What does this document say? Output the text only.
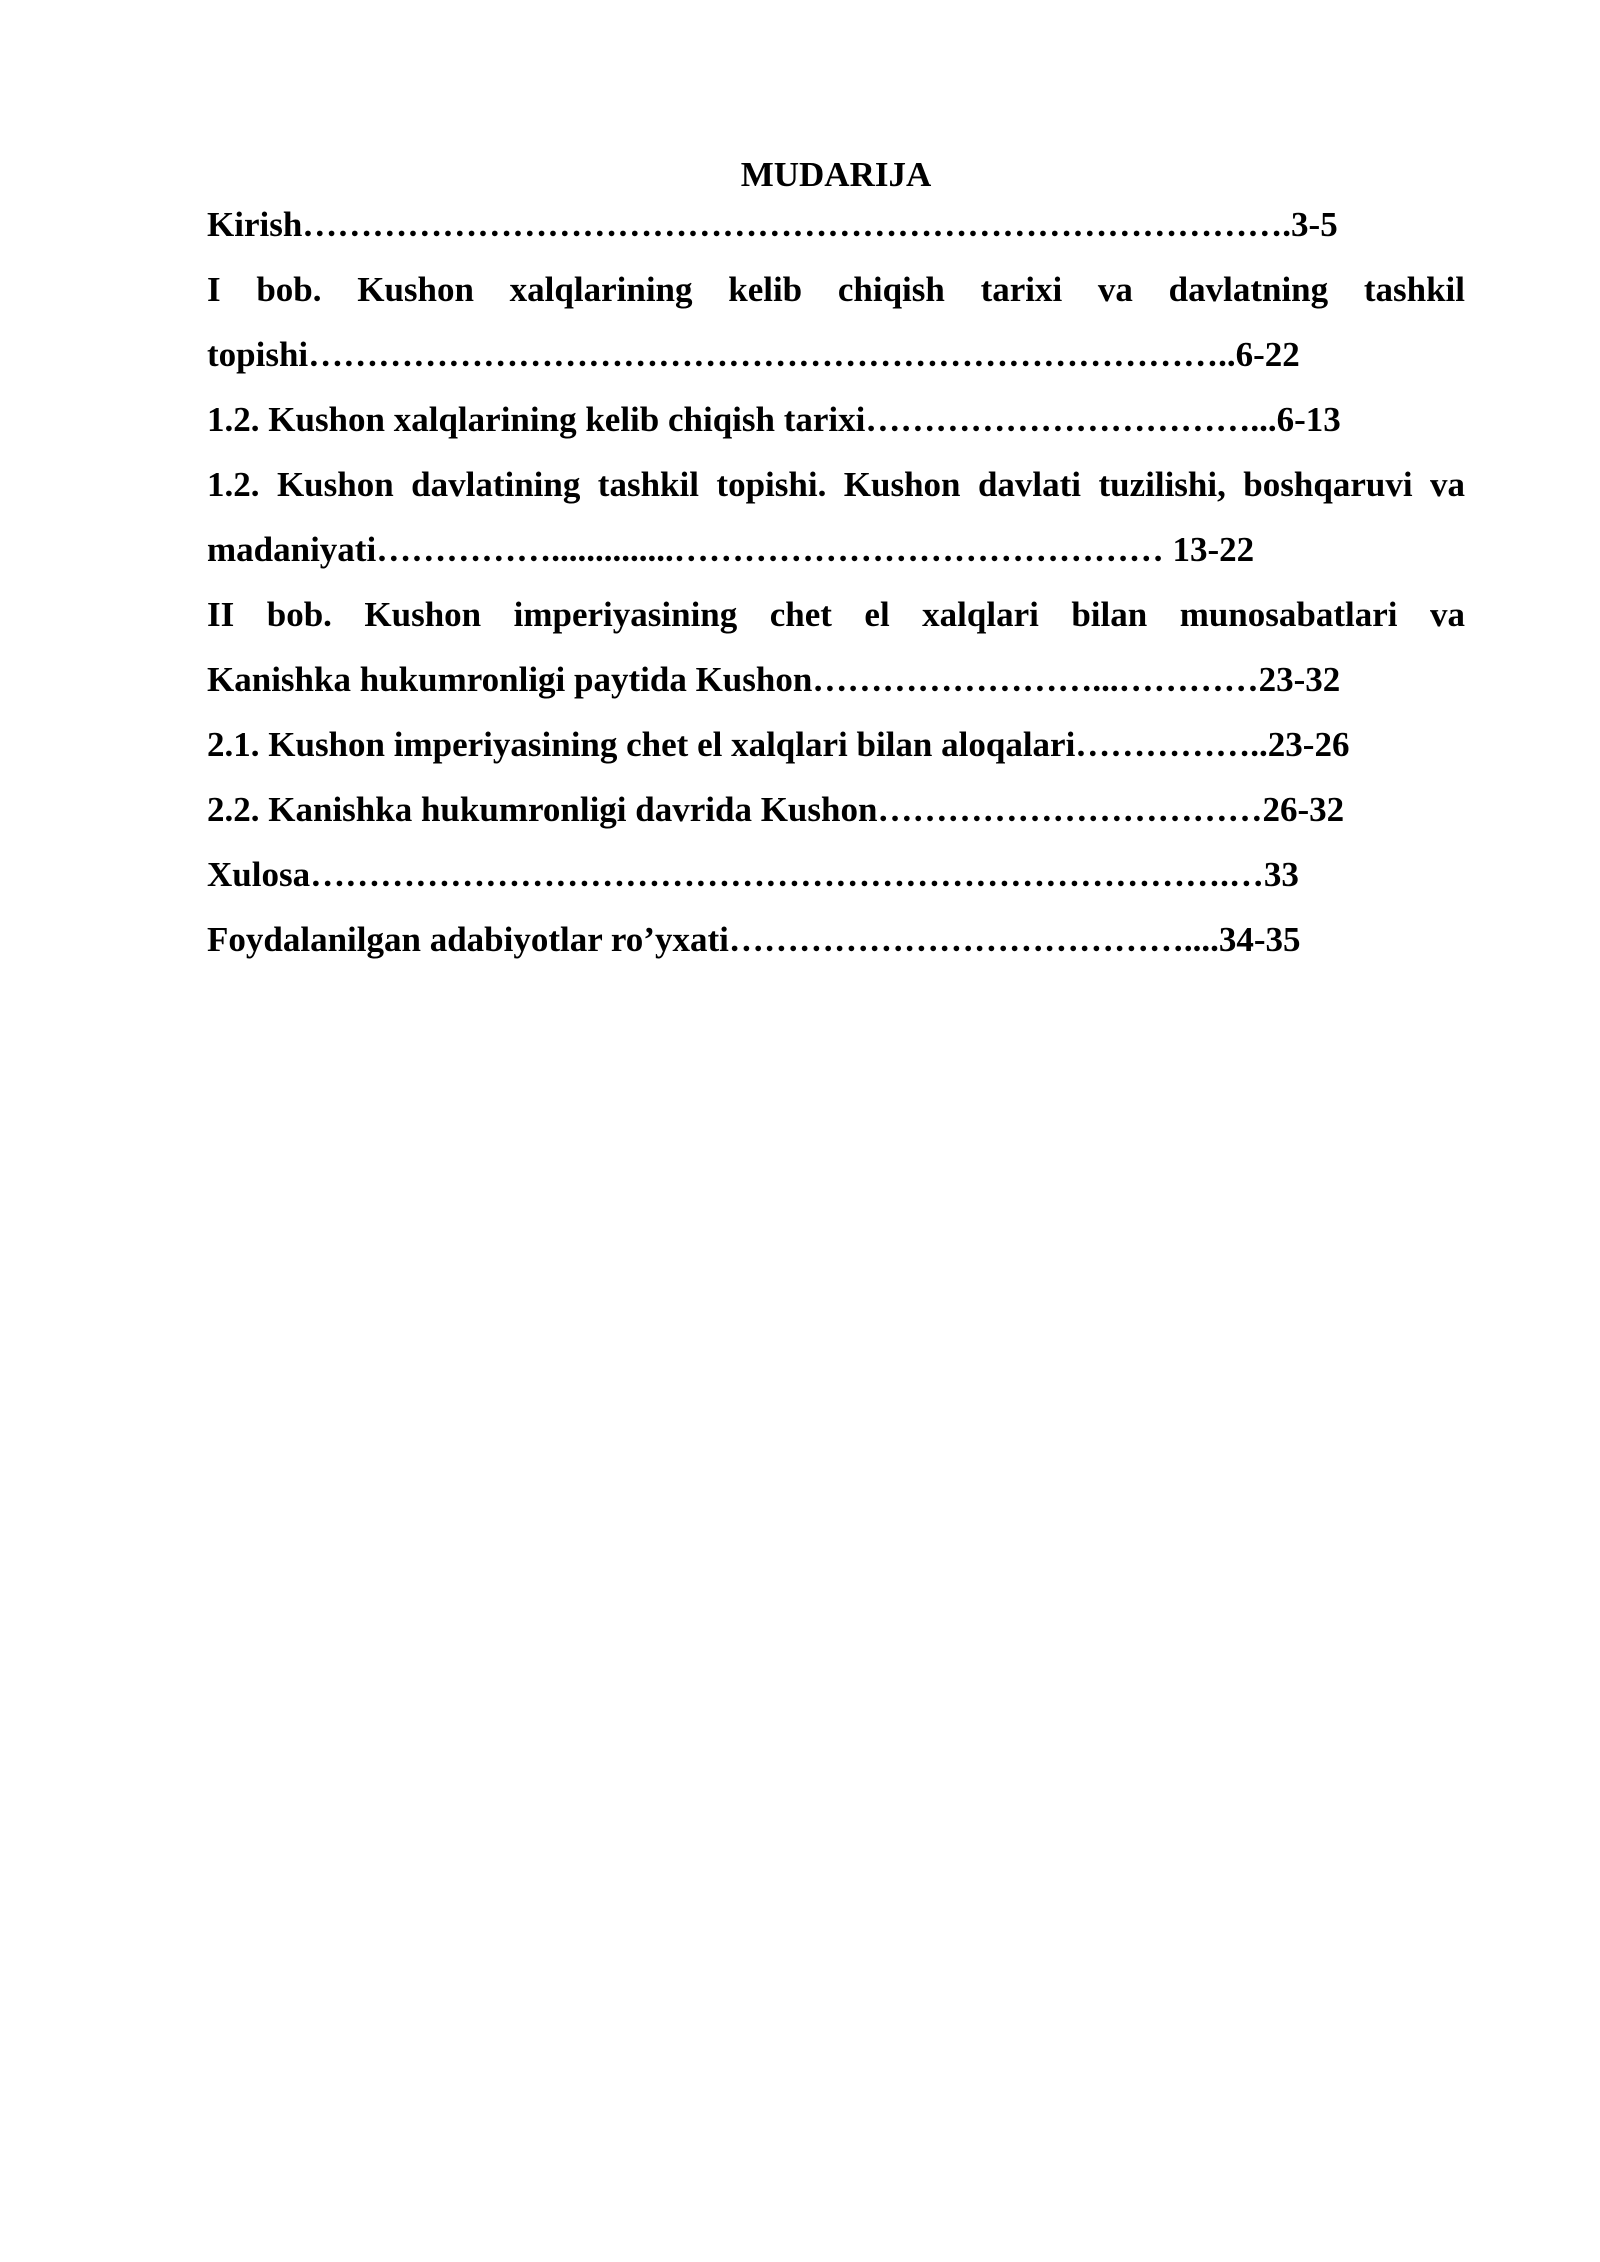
MUDARIJA

Kirish………………………………………………………………………….3-5

I bob. Kushon xalqlarining kelib chiqish tarixi va davlatning tashkil

topishi……………………………………………………………………..6-22

1.2. Kushon xalqlarining kelib chiqish tarixi……………………………...6-13

1.2. Kushon davlatining tashkil topishi. Kushon davlati tuzilishi, boshqaruvi va

madaniyati……………..............…………………………………… 13-22

II bob. Kushon imperiyasining chet el xalqlari bilan munosabatlari va

Kanishka hukumronligi paytida Kushon……………………...…………23-32

2.1. Kushon imperiyasining chet el xalqlari bilan aloqalari……………..23-26

2.2. Kanishka hukumronligi davrida Kushon……………………………26-32

Xulosa…………………………………………………………………….…33

Foydalanilgan adabiyotlar ro’yxati…………………………………....34-35
